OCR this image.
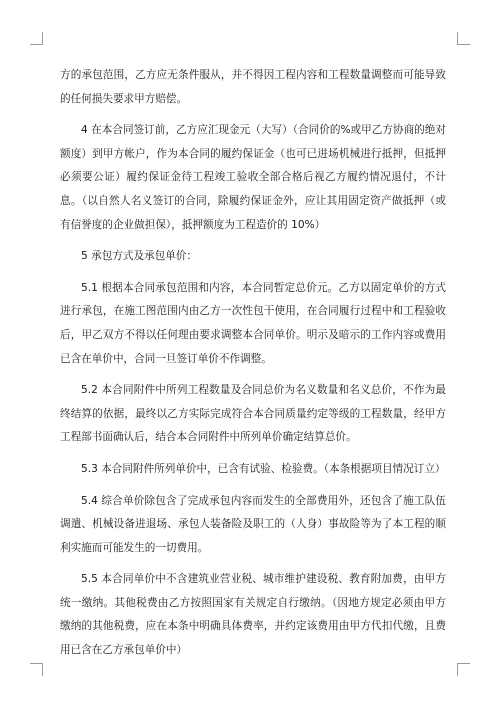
方的承包范围，乙方应无条件服从，并不得因工程内容和工程数量调整而可能导致的任何损失要求甲方赔偿。

4 在本合同签订前，乙方应汇现金元（大写）（合同价的%或甲乙方协商的绝对额度）到甲方帐户，作为本合同的履约保证金（也可已进场机械进行抵押，但抵押必须要公证）履约保证金待工程竣工验收全部合格后视乙方履约情况退付，不计息。（以自然人名义签订的合同，除履约保证金外，应让其用固定资产做抵押（或有信誉度的企业做担保），抵押额度为工程造价的 10%）

5 承包方式及承包单价：

5.1 根据本合同承包范围和内容，本合同暂定总价元。乙方以固定单价的方式进行承包，在施工图范围内由乙方一次性包干使用，在合同履行过程中和工程验收后，甲乙双方不得以任何理由要求调整本合同单价。明示及暗示的工作内容或费用已含在单价中，合同一旦签订单价不作调整。

5.2 本合同附件中所列工程数量及合同总价为名义数量和名义总价，不作为最终结算的依据，最终以乙方实际完成符合本合同质量约定等级的工程数量，经甲方工程部书面确认后，结合本合同附件中所列单价确定结算总价。

5.3 本合同附件所列单价中，已含有试验、检验费。（本条根据项目情况订立）

5.4 综合单价除包含了完成承包内容而发生的全部费用外，还包含了施工队伍调遣、机械设备进退场、承包人装备险及职工的（人身）事故险等为了本工程的顺利实施而可能发生的一切费用。

5.5 本合同单价中不含建筑业营业税、城市维护建设税、教育附加费，由甲方统一缴纳。其他税费由乙方按照国家有关规定自行缴纳。（因地方规定必须由甲方缴纳的其他税费，应在本条中明确具体费率，并约定该费用由甲方代扣代缴，且费用已含在乙方承包单价中）
